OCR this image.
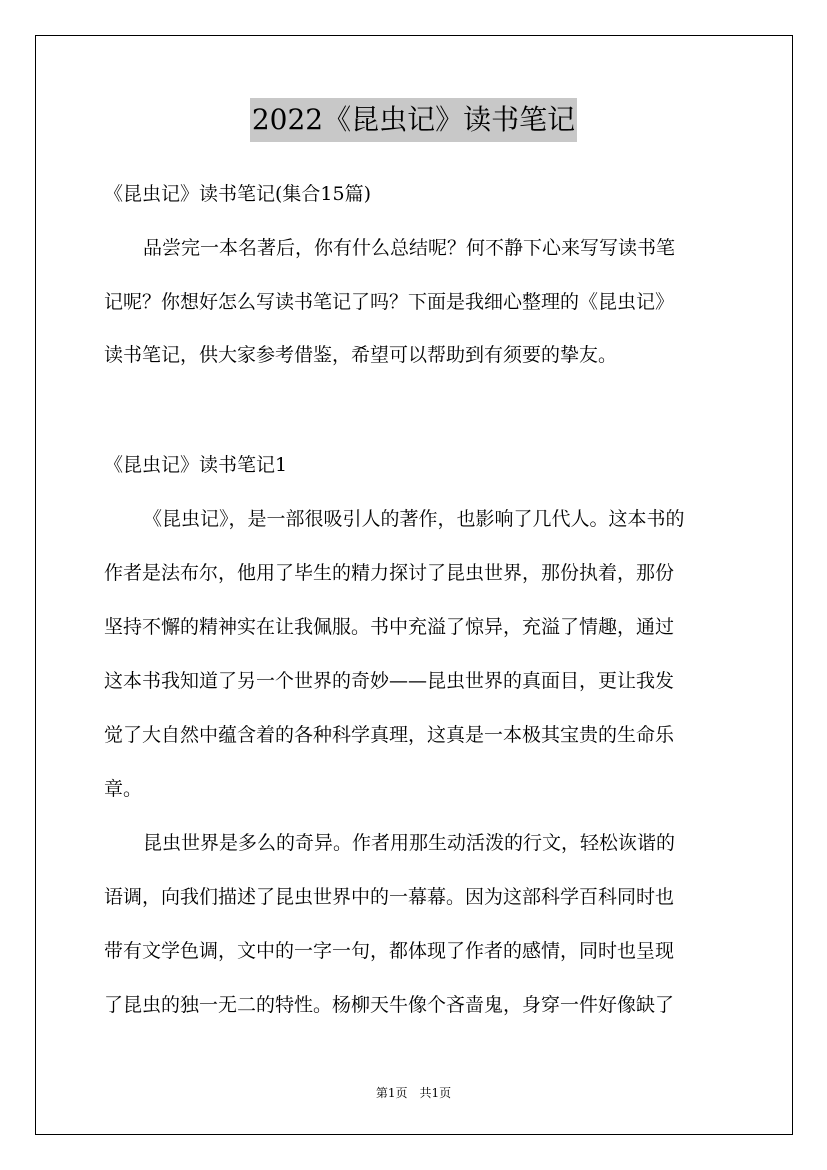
2022《昆虫记》读书笔记
《昆虫记》读书笔记(集合15篇)
品尝完一本名著后，你有什么总结呢？何不静下心来写写读书笔
记呢？你想好怎么写读书笔记了吗？下面是我细心整理的《昆虫记》
读书笔记，供大家参考借鉴，希望可以帮助到有须要的挚友。
《昆虫记》读书笔记1
《昆虫记》，是一部很吸引人的著作，也影响了几代人。这本书的
作者是法布尔，他用了毕生的精力探讨了昆虫世界，那份执着，那份
坚持不懈的精神实在让我佩服。书中充溢了惊异，充溢了情趣，通过
这本书我知道了另一个世界的奇妙——昆虫世界的真面目，更让我发
觉了大自然中蕴含着的各种科学真理，这真是一本极其宝贵的生命乐
章。
昆虫世界是多么的奇异。作者用那生动活泼的行文，轻松诙谐的
语调，向我们描述了昆虫世界中的一幕幕。因为这部科学百科同时也
带有文学色调，文中的一字一句，都体现了作者的感情，同时也呈现
了昆虫的独一无二的特性。杨柳天牛像个吝啬鬼，身穿一件好像缺了
第1页　共1页
